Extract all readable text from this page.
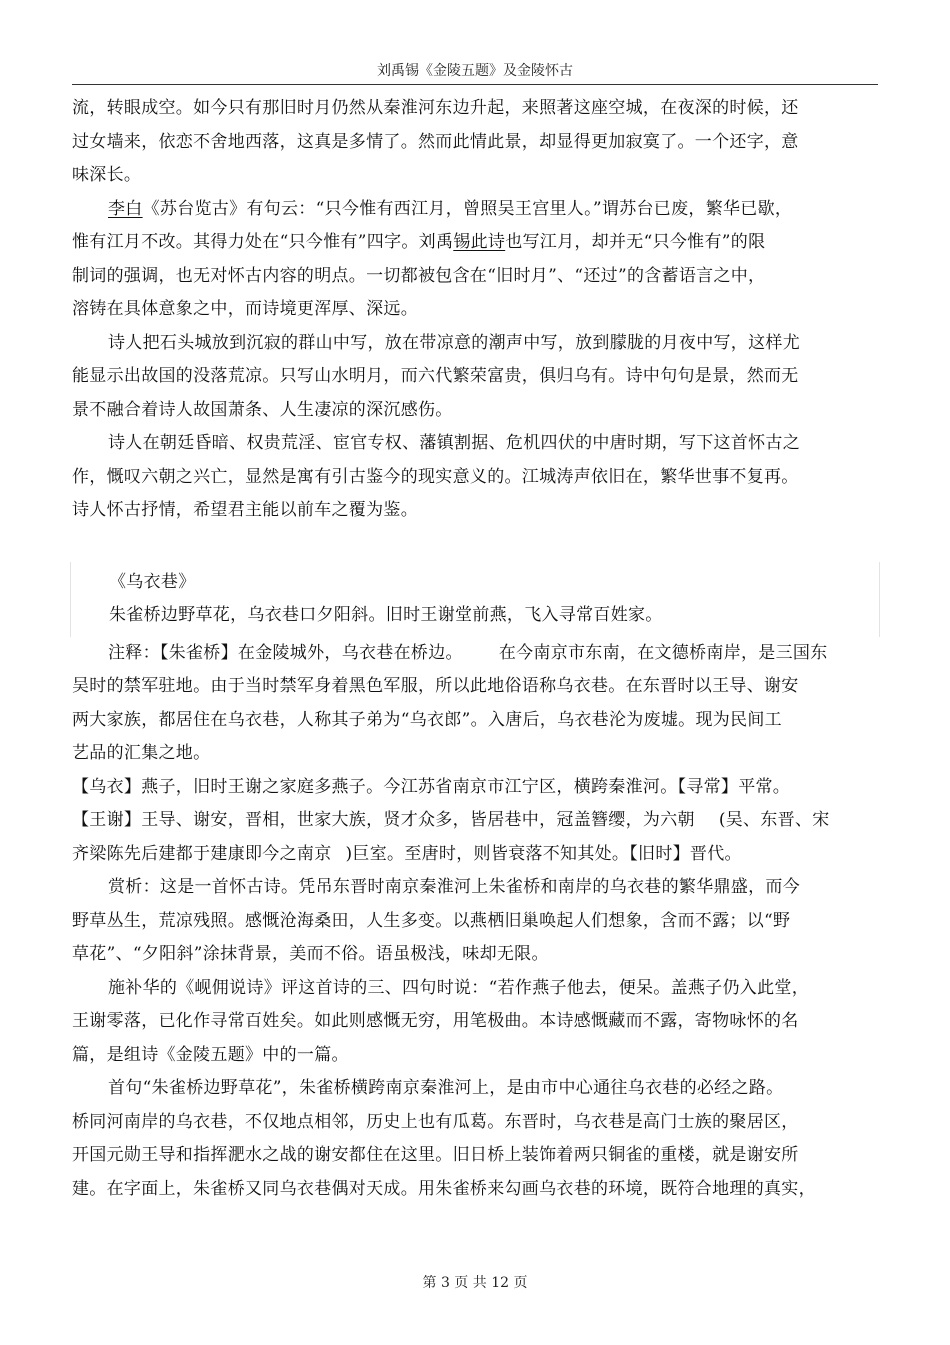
刘禹锡《金陵五题》及金陵怀古
流，转眼成空。如今只有那旧时月仍然从秦淮河东边升起，来照著这座空城，在夜深的时候，还
过女墙来，依恋不舍地西落，这真是多情了。然而此情此景，却显得更加寂寞了。一个还字，意
味深长。
李白《苏台览古》有句云：“只今惟有西江月，曾照吴王宫里人。”谓苏台已废，繁华已歇，
惟有江月不改。其得力处在“只今惟有”四字。刘禹锡此诗也写江月，却并无“只今惟有”的限
制词的强调，也无对怀古内容的明点。一切都被包含在“旧时月”、“还过”的含蓄语言之中，
溶铸在具体意象之中，而诗境更浑厚、深远。
诗人把石头城放到沉寂的群山中写，放在带凉意的潮声中写，放到朦胧的月夜中写，这样尤
能显示出故国的没落荒凉。只写山水明月，而六代繁荣富贵，俱归乌有。诗中句句是景，然而无
景不融合着诗人故国萧条、人生凄凉的深沉感伤。
诗人在朝廷昏暗、权贵荒淫、宦官专权、藩镇割据、危机四伏的中唐时期，写下这首怀古之
作，慨叹六朝之兴亡，显然是寓有引古鉴今的现实意义的。江城涛声依旧在，繁华世事不复再。
诗人怀古抒情，希望君主能以前车之覆为鉴。
《乌衣巷》
朱雀桥边野草花，乌衣巷口夕阳斜。旧时王谢堂前燕，飞入寻常百姓家。
注释：【朱雀桥】在金陵城外，乌衣巷在桥边。 在今南京市东南，在文德桥南岸，是三国东
吴时的禁军驻地。由于当时禁军身着黑色军服，所以此地俗语称乌衣巷。在东晋时以王导、谢安
两大家族，都居住在乌衣巷，人称其子弟为“乌衣郎”。入唐后，乌衣巷沦为废墟。现为民间工
艺品的汇集之地。
【乌衣】燕子，旧时王谢之家庭多燕子。今江苏省南京市江宁区，横跨秦淮河。【寻常】平常。
【王谢】王导、谢安，晋相，世家大族，贤才众多，皆居巷中，冠盖簪缨，为六朝 (吴、东晋、宋
齐梁陈先后建都于建康即今之南京 )巨室。至唐时，则皆衰落不知其处。【旧时】晋代。
赏析：这是一首怀古诗。凭吊东晋时南京秦淮河上朱雀桥和南岸的乌衣巷的繁华鼎盛，而今
野草丛生，荒凉残照。感慨沧海桑田，人生多变。以燕栖旧巢唤起人们想象，含而不露；以“野
草花”、“夕阳斜”涂抹背景，美而不俗。语虽极浅，味却无限。
施补华的《岘佣说诗》评这首诗的三、四句时说：“若作燕子他去，便呆。盖燕子仍入此堂，
王谢零落，已化作寻常百姓矣。如此则感慨无穷，用笔极曲。本诗感慨藏而不露，寄物咏怀的名
篇，是组诗《金陵五题》中的一篇。
首句“朱雀桥边野草花”，朱雀桥横跨南京秦淮河上，是由市中心通往乌衣巷的必经之路。
桥同河南岸的乌衣巷，不仅地点相邻，历史上也有瓜葛。东晋时，乌衣巷是高门士族的聚居区，
开国元勋王导和指挥淝水之战的谢安都住在这里。旧日桥上装饰着两只铜雀的重楼，就是谢安所
建。在字面上，朱雀桥又同乌衣巷偶对天成。用朱雀桥来勾画乌衣巷的环境，既符合地理的真实，
第 3 页 共 12 页
